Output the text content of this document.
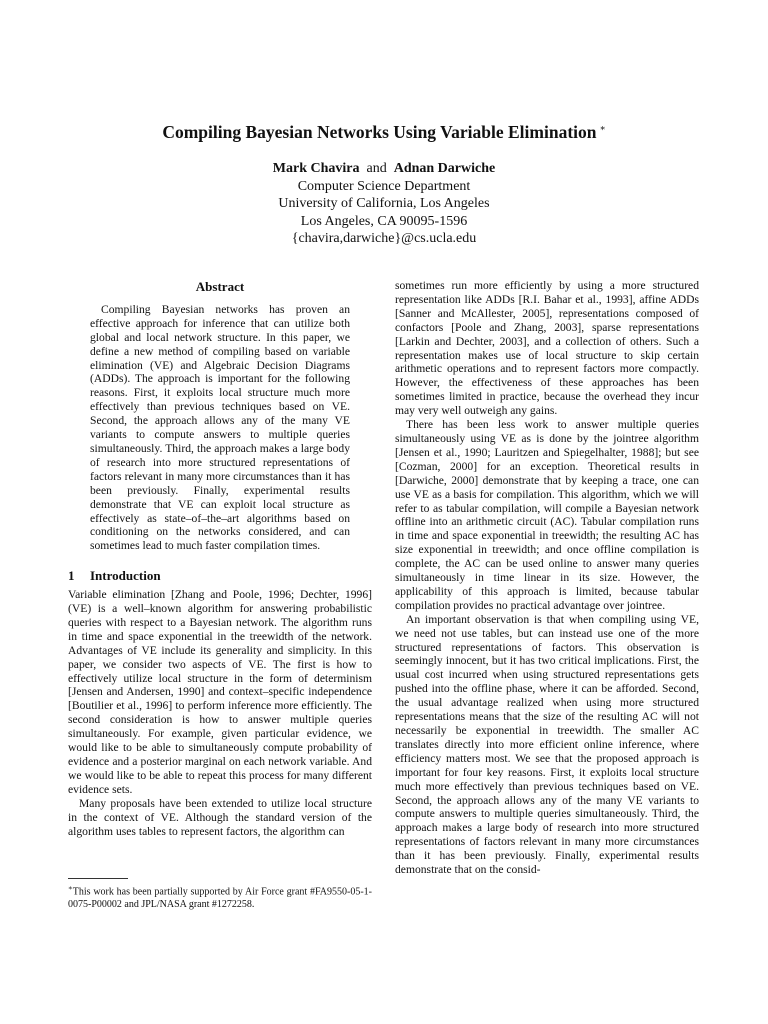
Compiling Bayesian Networks Using Variable Elimination ∗
Mark Chavira and Adnan Darwiche
Computer Science Department
University of California, Los Angeles
Los Angeles, CA 90095-1596
{chavira,darwiche}@cs.ucla.edu
Abstract

Compiling Bayesian networks has proven an effective approach for inference that can utilize both global and local network structure. In this paper, we define a new method of compiling based on variable elimination (VE) and Algebraic Decision Diagrams (ADDs). The approach is important for the following reasons. First, it exploits local structure much more effectively than previous techniques based on VE. Second, the approach allows any of the many VE variants to compute answers to multiple queries simultaneously. Third, the approach makes a large body of research into more structured representations of factors relevant in many more circumstances than it has been previously. Finally, experimental results demonstrate that VE can exploit local structure as effectively as state–of–the–art algorithms based on conditioning on the networks considered, and can sometimes lead to much faster compilation times.

1 Introduction

Variable elimination [Zhang and Poole, 1996; Dechter, 1996] (VE) is a well–known algorithm for answering probabilistic queries with respect to a Bayesian network. The algorithm runs in time and space exponential in the treewidth of the network. Advantages of VE include its generality and simplicity. In this paper, we consider two aspects of VE. The first is how to effectively utilize local structure in the form of determinism [Jensen and Andersen, 1990] and context–specific independence [Boutilier et al., 1996] to perform inference more efficiently. The second consideration is how to answer multiple queries simultaneously. For example, given particular evidence, we would like to be able to simultaneously compute probability of evidence and a posterior marginal on each network variable. And we would like to be able to repeat this process for many different evidence sets.

Many proposals have been extended to utilize local structure in the context of VE. Although the standard version of the algorithm uses tables to represent factors, the algorithm can

∗This work has been partially supported by Air Force grant #FA9550-05-1-0075-P00002 and JPL/NASA grant #1272258.

sometimes run more efficiently by using a more structured representation like ADDs [R.I. Bahar et al., 1993], affine ADDs [Sanner and McAllester, 2005], representations composed of confactors [Poole and Zhang, 2003], sparse representations [Larkin and Dechter, 2003], and a collection of others. Such a representation makes use of local structure to skip certain arithmetic operations and to represent factors more compactly. However, the effectiveness of these approaches has been sometimes limited in practice, because the overhead they incur may very well outweigh any gains.

There has been less work to answer multiple queries simultaneously using VE as is done by the jointree algorithm [Jensen et al., 1990; Lauritzen and Spiegelhalter, 1988]; but see [Cozman, 2000] for an exception. Theoretical results in [Darwiche, 2000] demonstrate that by keeping a trace, one can use VE as a basis for compilation. This algorithm, which we will refer to as tabular compilation, will compile a Bayesian network offline into an arithmetic circuit (AC). Tabular compilation runs in time and space exponential in treewidth; the resulting AC has size exponential in treewidth; and once offline compilation is complete, the AC can be used online to answer many queries simultaneously in time linear in its size. However, the applicability of this approach is limited, because tabular compilation provides no practical advantage over jointree.

An important observation is that when compiling using VE, we need not use tables, but can instead use one of the more structured representations of factors. This observation is seemingly innocent, but it has two critical implications. First, the usual cost incurred when using structured representations gets pushed into the offline phase, where it can be afforded. Second, the usual advantage realized when using more structured representations means that the size of the resulting AC will not necessarily be exponential in treewidth. The smaller AC translates directly into more efficient online inference, where efficiency matters most. We see that the proposed approach is important for four key reasons. First, it exploits local structure much more effectively than previous techniques based on VE. Second, the approach allows any of the many VE variants to compute answers to multiple queries simultaneously. Third, the approach makes a large body of research into more structured representations of factors relevant in many more circumstances than it has been previously. Finally, experimental results demonstrate that on the consid-
